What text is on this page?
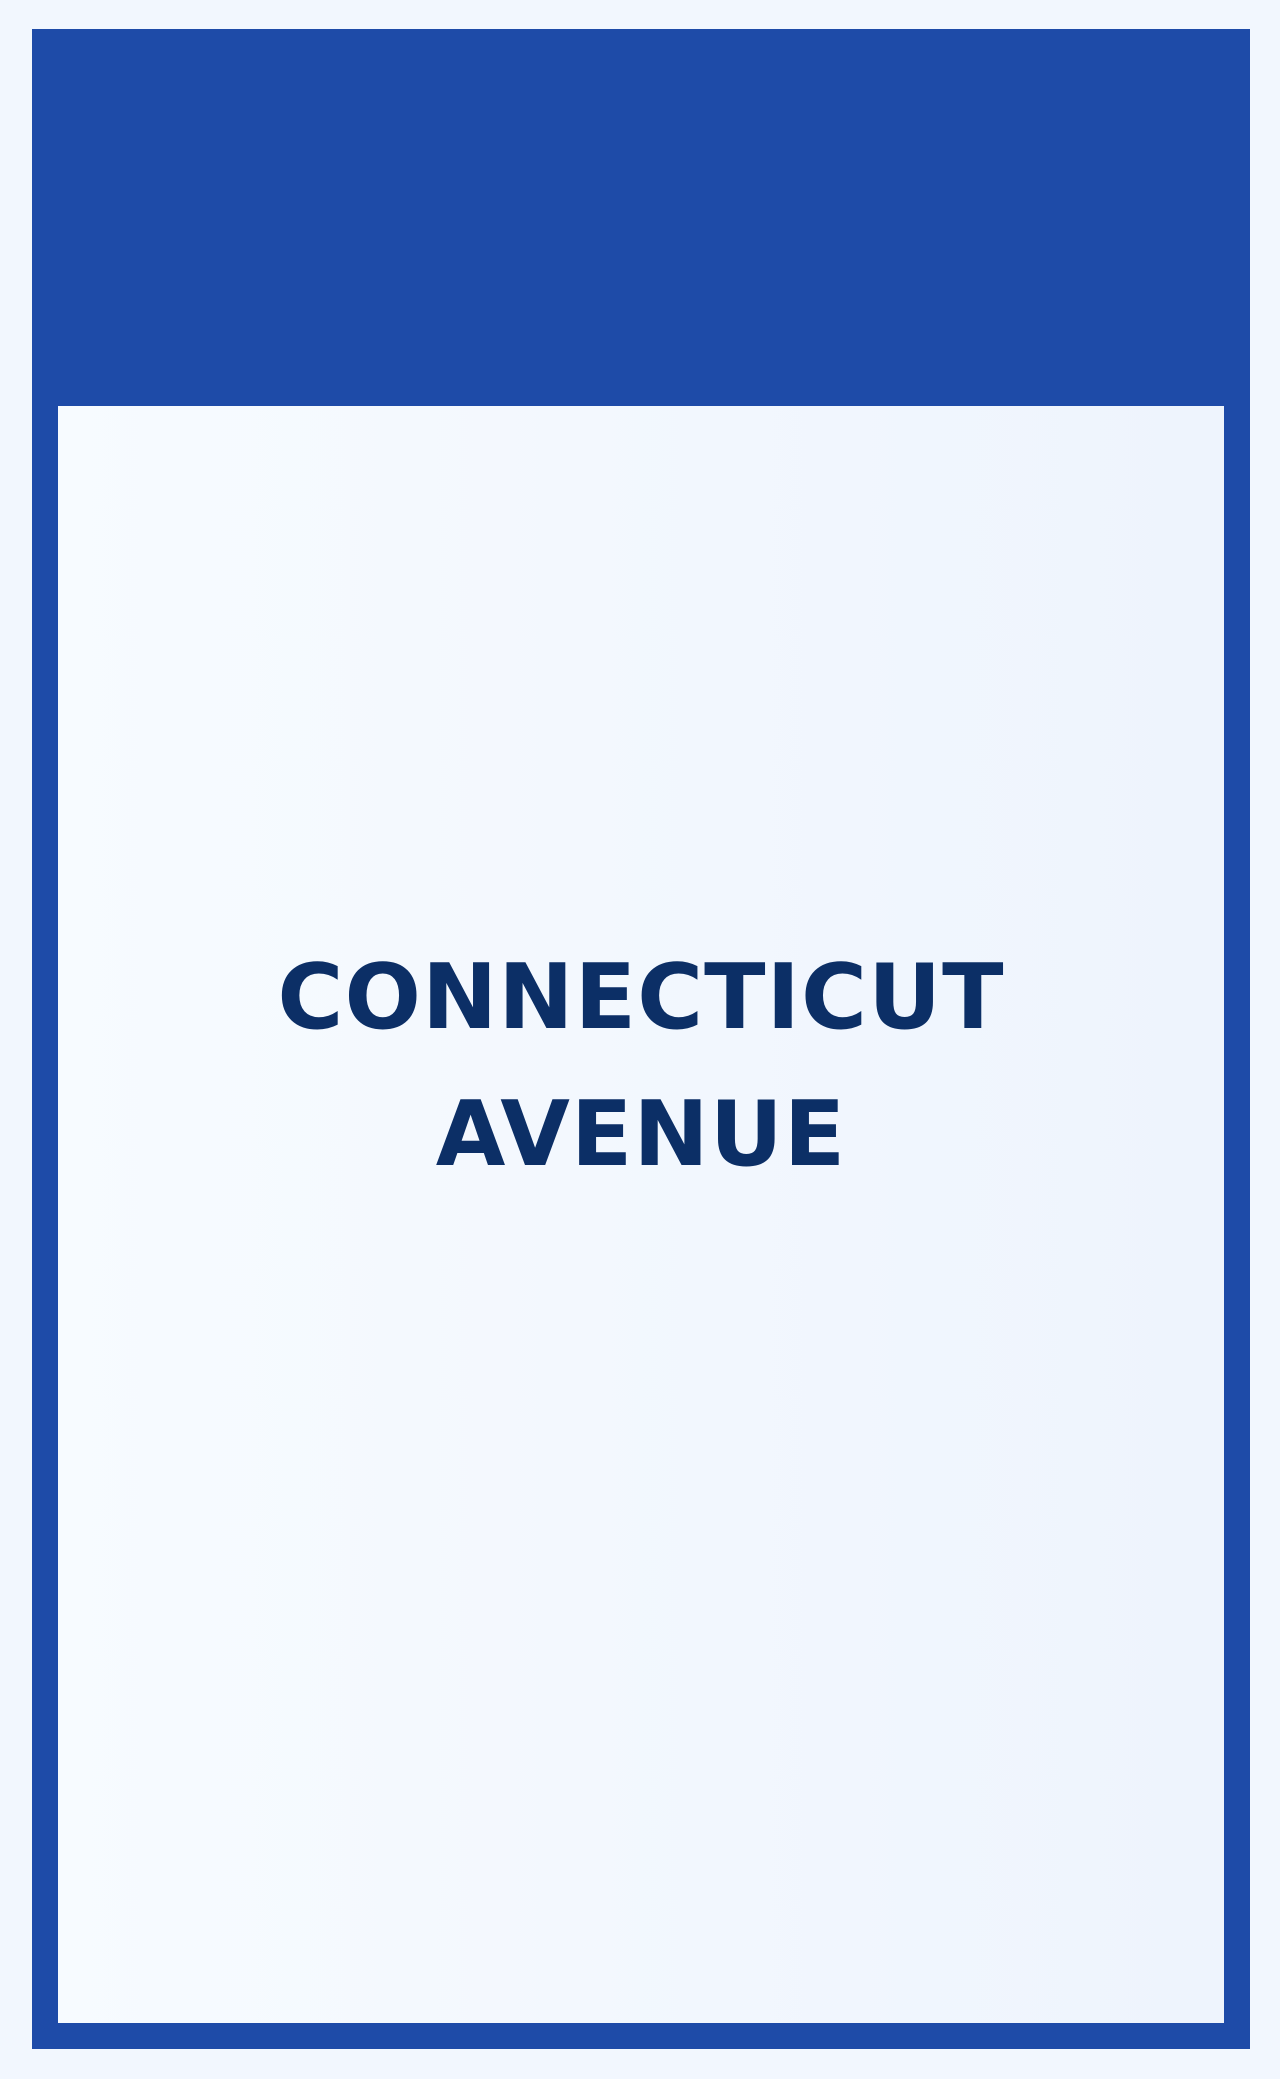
CONNECTICUT
AVENUE
